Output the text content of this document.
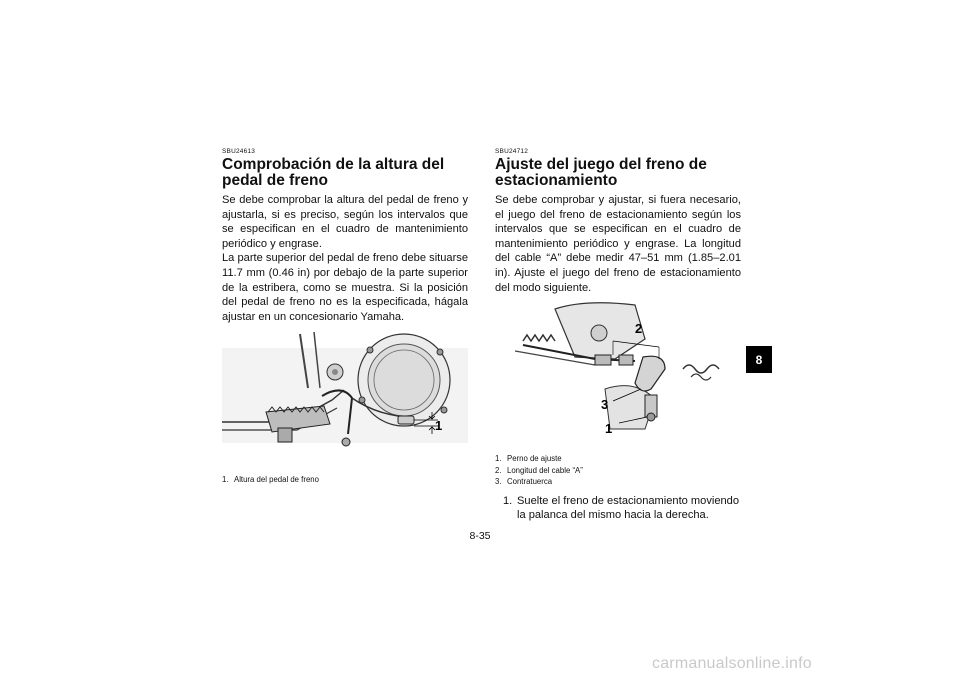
SBU24613

Comprobación de la altura del pedal de freno

Se debe comprobar la altura del pedal de freno y ajustarla, si es preciso, según los intervalos que se especifican en el cuadro de mantenimiento periódico y engrase.

La parte superior del pedal de freno debe situarse 11.7 mm (0.46 in) por debajo de la parte superior de la estribera, como se muestra. Si la posición del pedal de freno no es la especificada, hágala ajustar en un concesionario Yamaha.

1

1. Altura del pedal de freno

SBU24712

Ajuste del juego del freno de estacionamiento

Se debe comprobar y ajustar, si fuera necesario, el juego del freno de estacionamiento según los intervalos que se especifican en el cuadro de mantenimiento periódico y engrase. La longitud del cable “A” debe medir 47–51 mm (1.85–2.01 in). Ajuste el juego del freno de estacionamiento del modo siguiente.

2
3
1

1. Perno de ajuste

2. Longitud del cable “A”

3. Contratuerca

1. Suelte el freno de estacionamiento moviendo
la palanca del mismo hacia la derecha.
8
8-35
carmanualsonline.info
